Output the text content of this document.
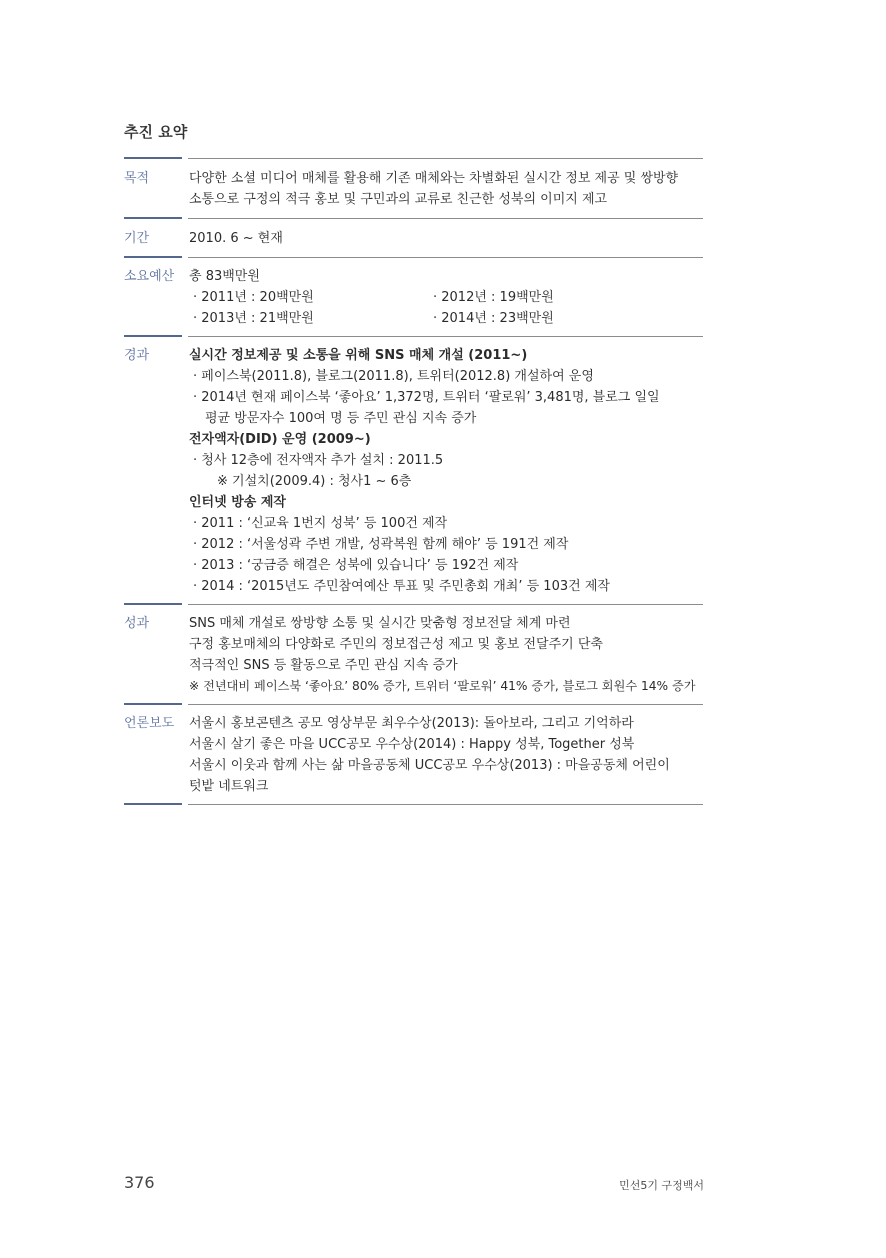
추진 요약
목적	다양한 소셜 미디어 매체를 활용해 기존 매체와는 차별화된 실시간 정보 제공 및 쌍방향
소통으로 구정의 적극 홍보 및 구민과의 교류로 친근한 성북의 이미지 제고
기간	2010. 6 ~ 현재
소요예산	총 83백만원
· 2011년 : 20백만원	· 2012년 : 19백만원
· 2013년 : 21백만원	· 2014년 : 23백만원
경과	실시간 정보제공 및 소통을 위해 SNS 매체 개설 (2011~)
· 페이스북(2011.8), 블로그(2011.8), 트위터(2012.8) 개설하여 운영
· 2014년 현재 페이스북 ‘좋아요’ 1,372명, 트위터 ‘팔로워’ 3,481명, 블로그 일일
평균 방문자수 100여 명 등 주민 관심 지속 증가
전자액자(DID) 운영 (2009~)
· 청사 12층에 전자액자 추가 설치 : 2011.5
※ 기설치(2009.4) : 청사1 ~ 6층
인터넷 방송 제작
· 2011 : ‘신교육 1번지 성북’ 등 100건 제작
· 2012 : ‘서울성곽 주변 개발, 성곽복원 함께 해야’ 등 191건 제작
· 2013 : ‘궁금증 해결은 성북에 있습니다’ 등 192건 제작
· 2014 : ‘2015년도 주민참여예산 투표 및 주민총회 개최’ 등 103건 제작
성과	SNS 매체 개설로 쌍방향 소통 및 실시간 맞춤형 정보전달 체계 마련
구정 홍보매체의 다양화로 주민의 정보접근성 제고 및 홍보 전달주기 단축
적극적인 SNS 등 활동으로 주민 관심 지속 증가
※ 전년대비 페이스북 ‘좋아요’ 80% 증가, 트위터 ‘팔로워’ 41% 증가, 블로그 회원수 14% 증가
언론보도	서울시 홍보콘텐츠 공모 영상부문 최우수상(2013): 돌아보라, 그리고 기억하라
서울시 살기 좋은 마을 UCC공모 우수상(2014) : Happy 성북, Together 성북
서울시 이웃과 함께 사는 삶 마을공동체 UCC공모 우수상(2013) : 마을공동체 어린이
텃밭 네트워크
376	민선5기 구정백서
